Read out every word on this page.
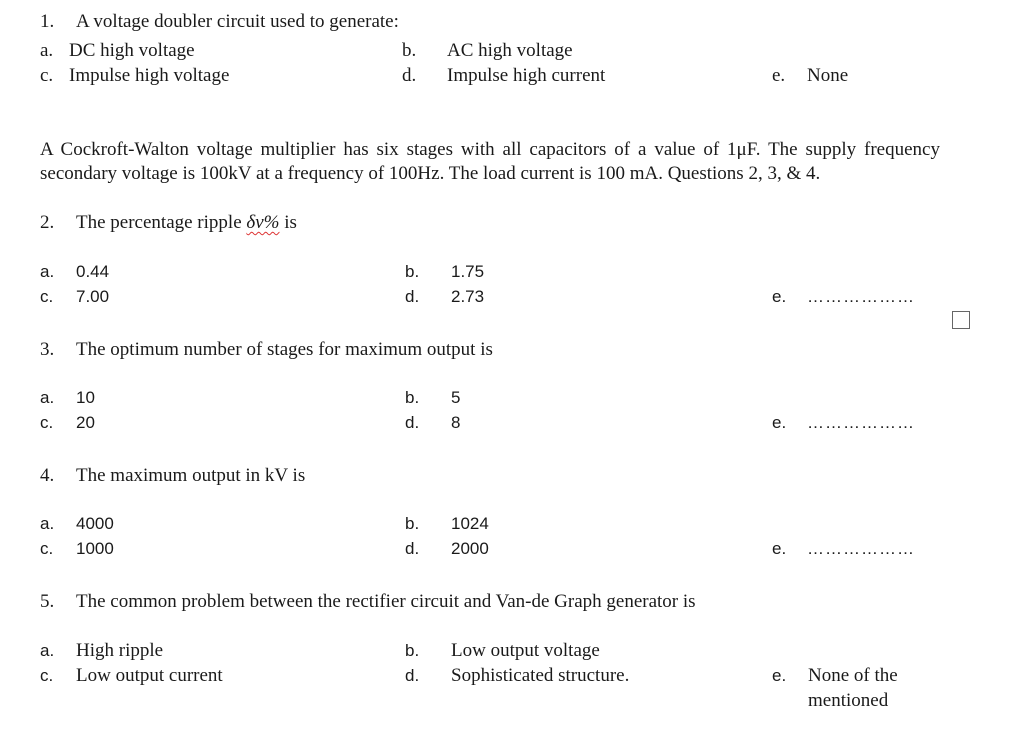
1. A voltage doubler circuit used to generate:
a. DC high voltage	b. AC high voltage
c. Impulse high voltage	d. Impulse high current	e. None
A Cockroft-Walton voltage multiplier has six stages with all capacitors of a value of 1μF. The supply frequency secondary voltage is 100kV at a frequency of 100Hz. The load current is 100 mA. Questions 2, 3, & 4.
2. The percentage ripple δv% is
a. 0.44	b. 1.75
c. 7.00	d. 2.73	e. ………………
3. The optimum number of stages for maximum output is
a. 10	b. 5
c. 20	d. 8	e. ………………
4. The maximum output in kV is
a. 4000	b. 1024
c. 1000	d. 2000	e. ………………
5. The common problem between the rectifier circuit and Van-de Graph generator is
a. High ripple	b. Low output voltage
c. Low output current	d. Sophisticated structure.	e. None of the
mentioned
